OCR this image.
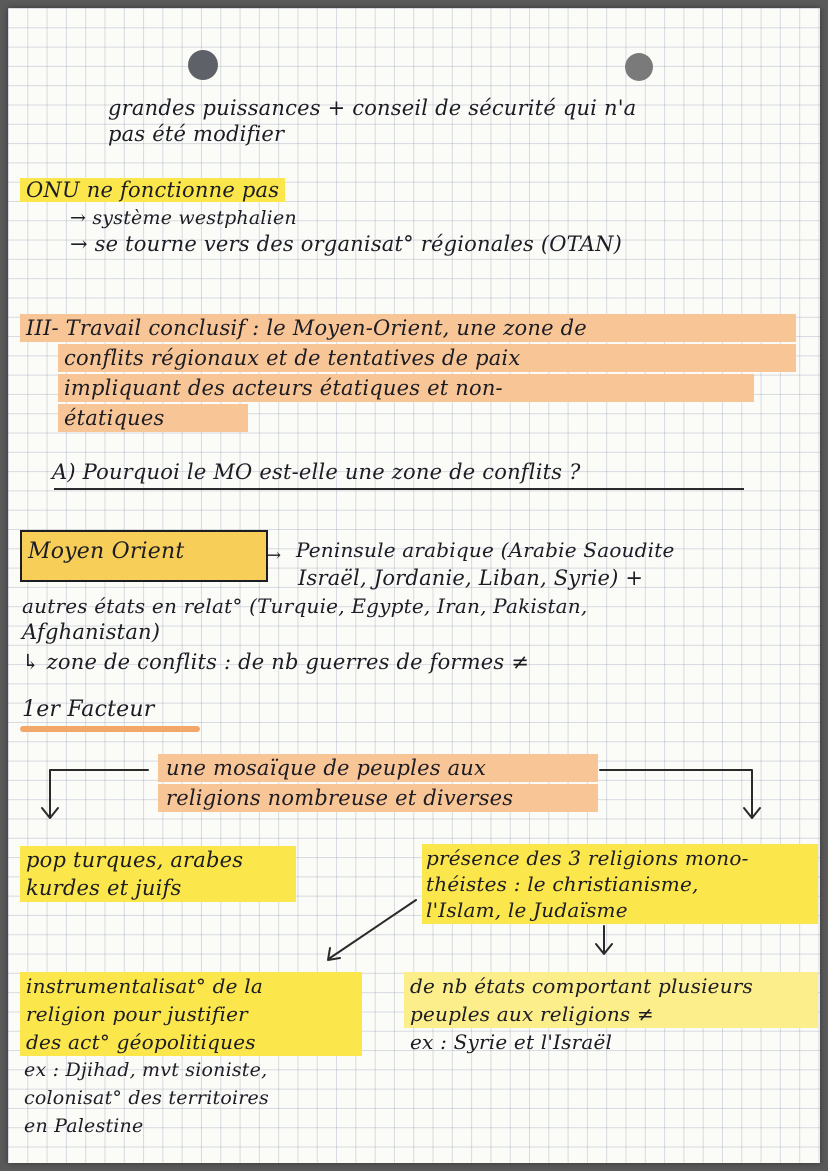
grandes puissances + conseil de sécurité qui n'a
pas été modifier
ONU ne fonctionne pas
→ système westphalien
→ se tourne vers des organisat° régionales (OTAN)
III- Travail conclusif : le Moyen-Orient, une zone de
conflits régionaux et de tentatives de paix
impliquant des acteurs étatiques et non-
étatiques
A) Pourquoi le MO est-elle une zone de conflits ?
Moyen Orient	→ Peninsule arabique (Arabie Saoudite
Israël, Jordanie, Liban, Syrie) +
autres états en relat° (Turquie, Egypte, Iran, Pakistan,
Afghanistan)
↳ zone de conflits : de nb guerres de formes ≠
1er Facteur
une mosaïque de peuples aux
religions nombreuse et diverses
pop turques, arabes
kurdes et juifs
présence des 3 religions mono-
théistes : le christianisme,
l'Islam, le Judaïsme
instrumentalisat° de la
religion pour justifier
des act° géopolitiques
ex : Djihad, mvt sioniste,
colonisat° des territoires
en Palestine
de nb états comportant plusieurs
peuples aux religions ≠
ex : Syrie et l'Israël
